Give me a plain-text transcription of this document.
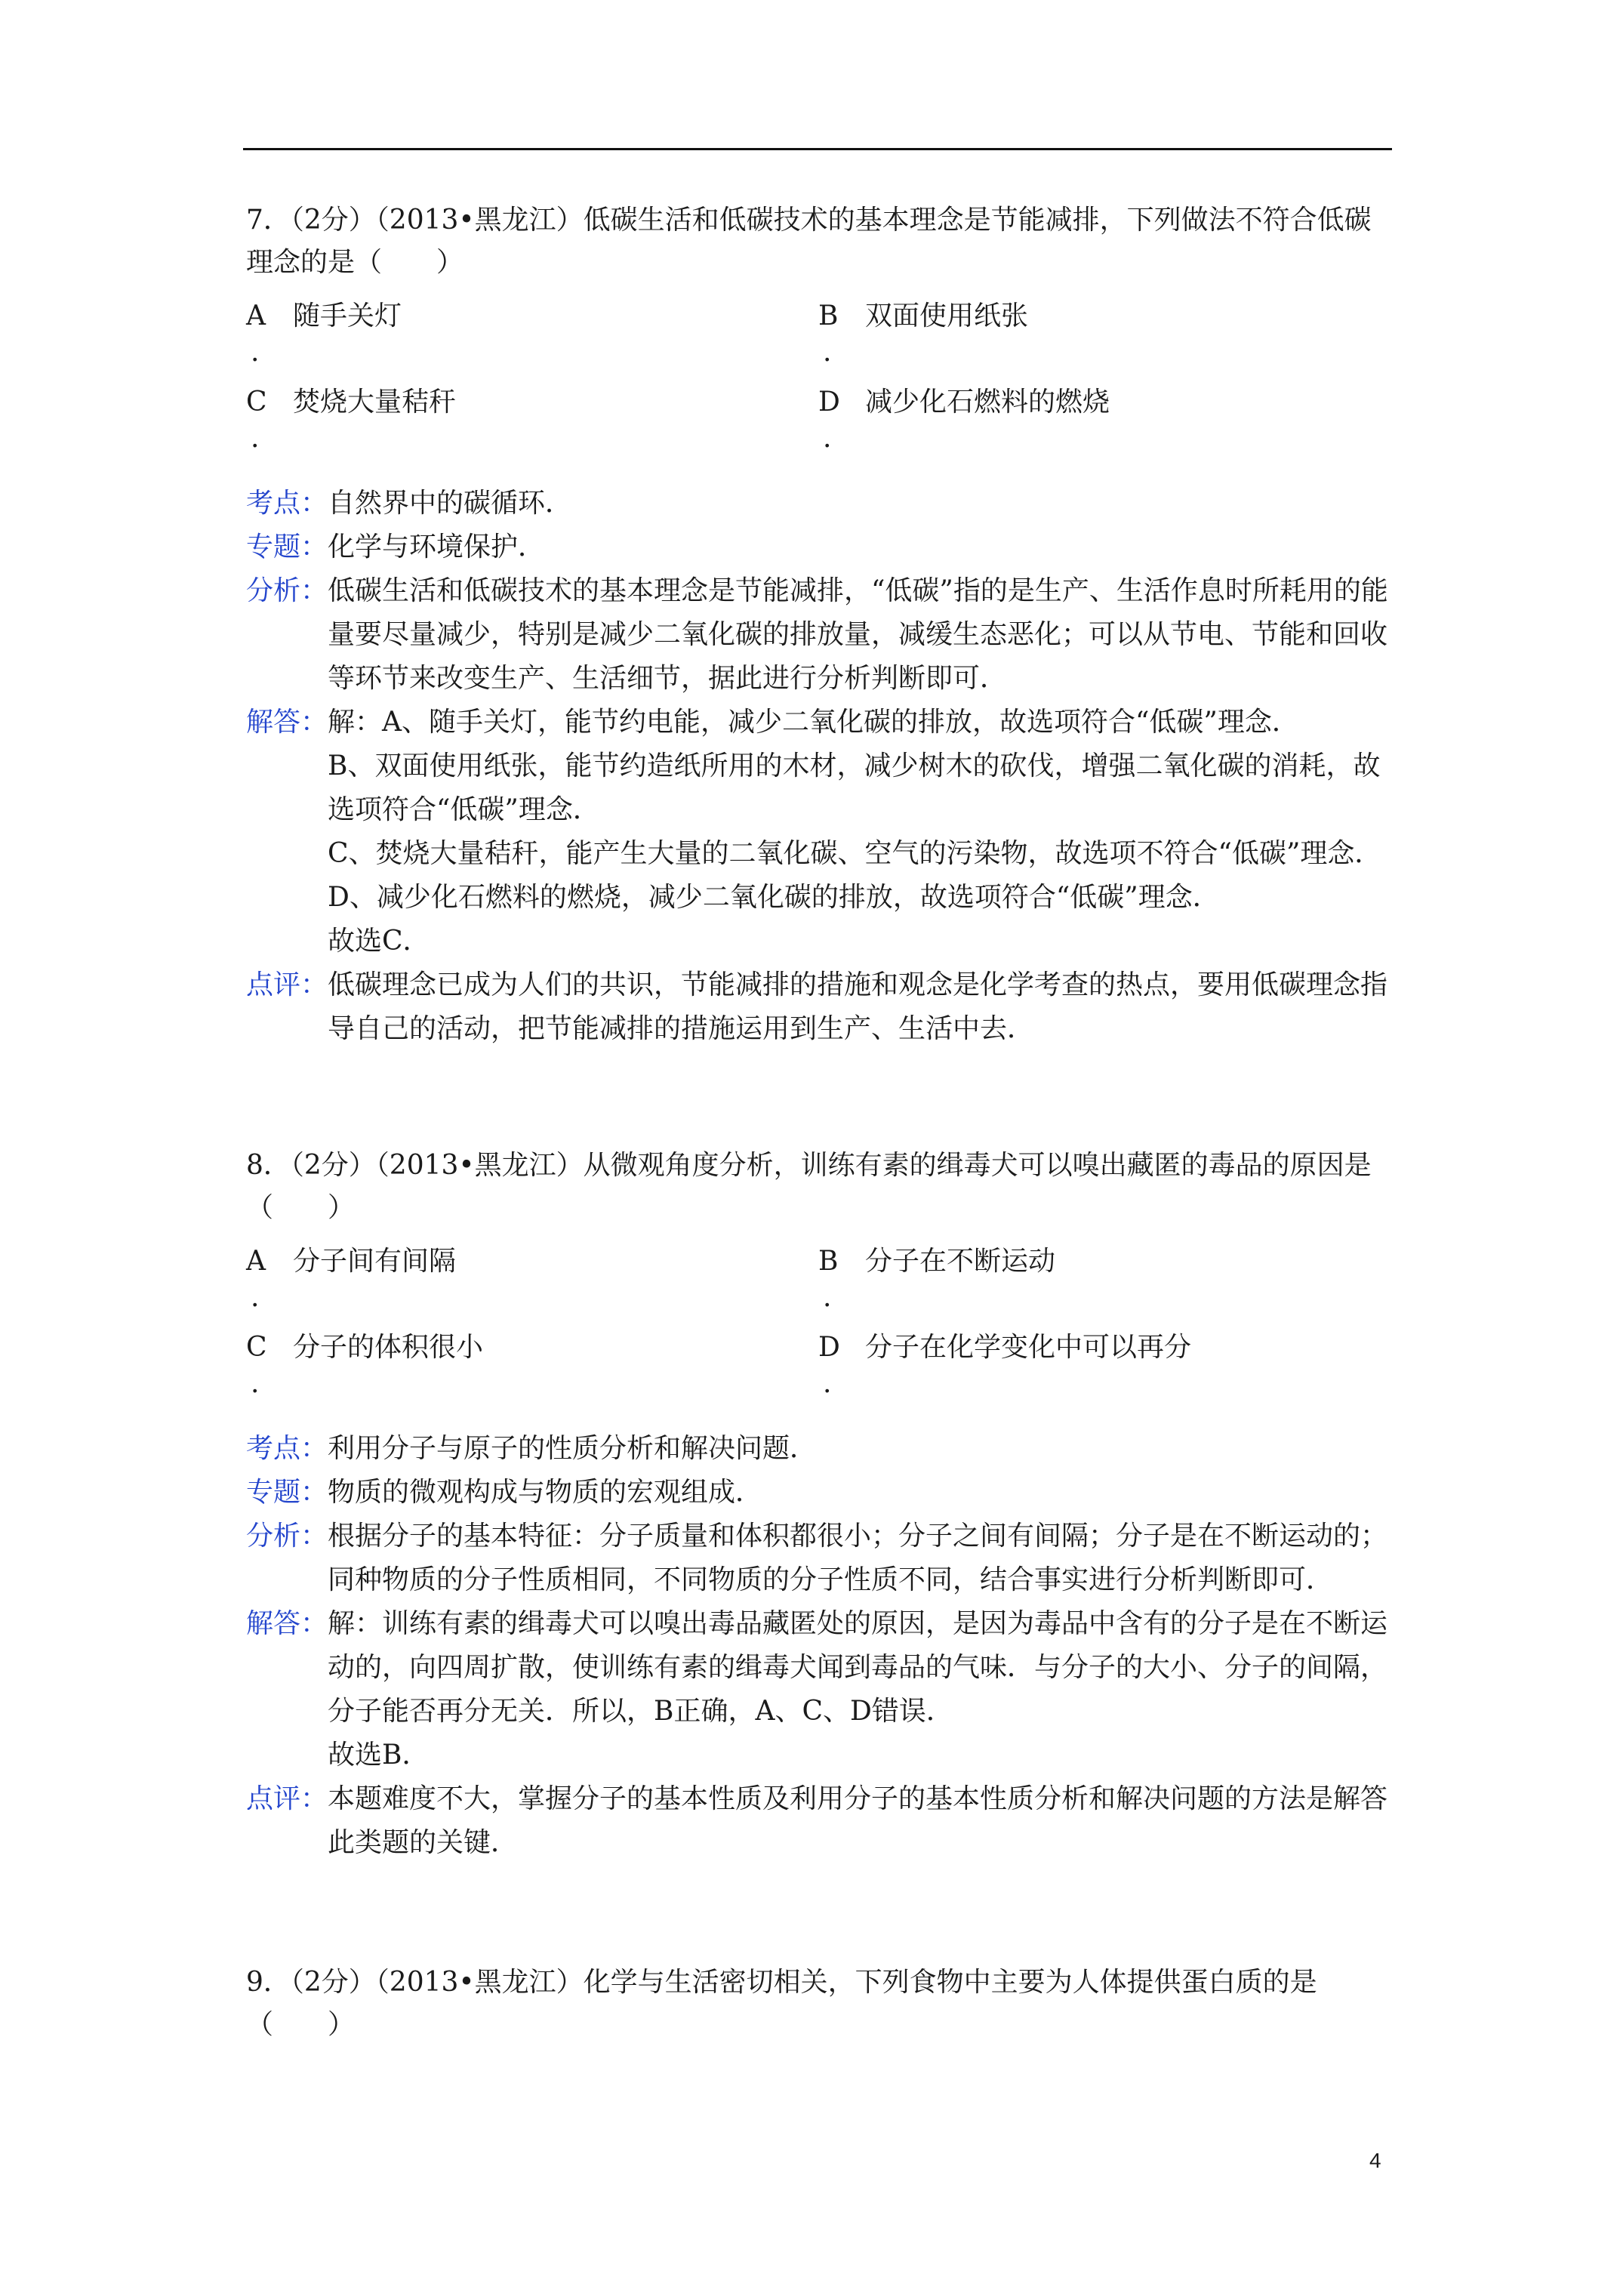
7．（2分）（2013•黑龙江）低碳生活和低碳技术的基本理念是节能减排，下列做法不符合低碳理念的是（　　）

A 随手关灯
.
B 双面使用纸张
.
C 焚烧大量秸秆
.
D 减少化石燃料的燃烧
.
考点： 自然界中的碳循环．

专题： 化学与环境保护．

分析： 低碳生活和低碳技术的基本理念是节能减排，“低碳”指的是生产、生活作息时所耗用的能量要尽量减少，特别是减少二氧化碳的排放量，减缓生态恶化；可以从节电、节能和回收等环节来改变生产、生活细节，据此进行分析判断即可．

解答： 解：A、随手关灯，能节约电能，减少二氧化碳的排放，故选项符合“低碳”理念．

B、双面使用纸张，能节约造纸所用的木材，减少树木的砍伐，增强二氧化碳的消耗，故选项符合“低碳”理念．

C、焚烧大量秸秆，能产生大量的二氧化碳、空气的污染物，故选项不符合“低碳”理念．

D、减少化石燃料的燃烧，减少二氧化碳的排放，故选项符合“低碳”理念．

故选C．

点评： 低碳理念已成为人们的共识，节能减排的措施和观念是化学考查的热点，要用低碳理念指导自己的活动，把节能减排的措施运用到生产、生活中去．

8．（2分）（2013•黑龙江）从微观角度分析，训练有素的缉毒犬可以嗅出藏匿的毒品的原因是（　　）

A 分子间有间隔
.
B 分子在不断运动
.
C 分子的体积很小
.
D 分子在化学变化中可以再分
.
考点： 利用分子与原子的性质分析和解决问题．

专题： 物质的微观构成与物质的宏观组成．

分析： 根据分子的基本特征：分子质量和体积都很小；分子之间有间隔；分子是在不断运动的；同种物质的分子性质相同，不同物质的分子性质不同，结合事实进行分析判断即可．

解答： 解：训练有素的缉毒犬可以嗅出毒品藏匿处的原因，是因为毒品中含有的分子是在不断运动的，向四周扩散，使训练有素的缉毒犬闻到毒品的气味．与分子的大小、分子的间隔，分子能否再分无关．所以，B正确，A、C、D错误．

故选B．

点评： 本题难度不大，掌握分子的基本性质及利用分子的基本性质分析和解决问题的方法是解答此类题的关键．

9．（2分）（2013•黑龙江）化学与生活密切相关，下列食物中主要为人体提供蛋白质的是（　　）

4
